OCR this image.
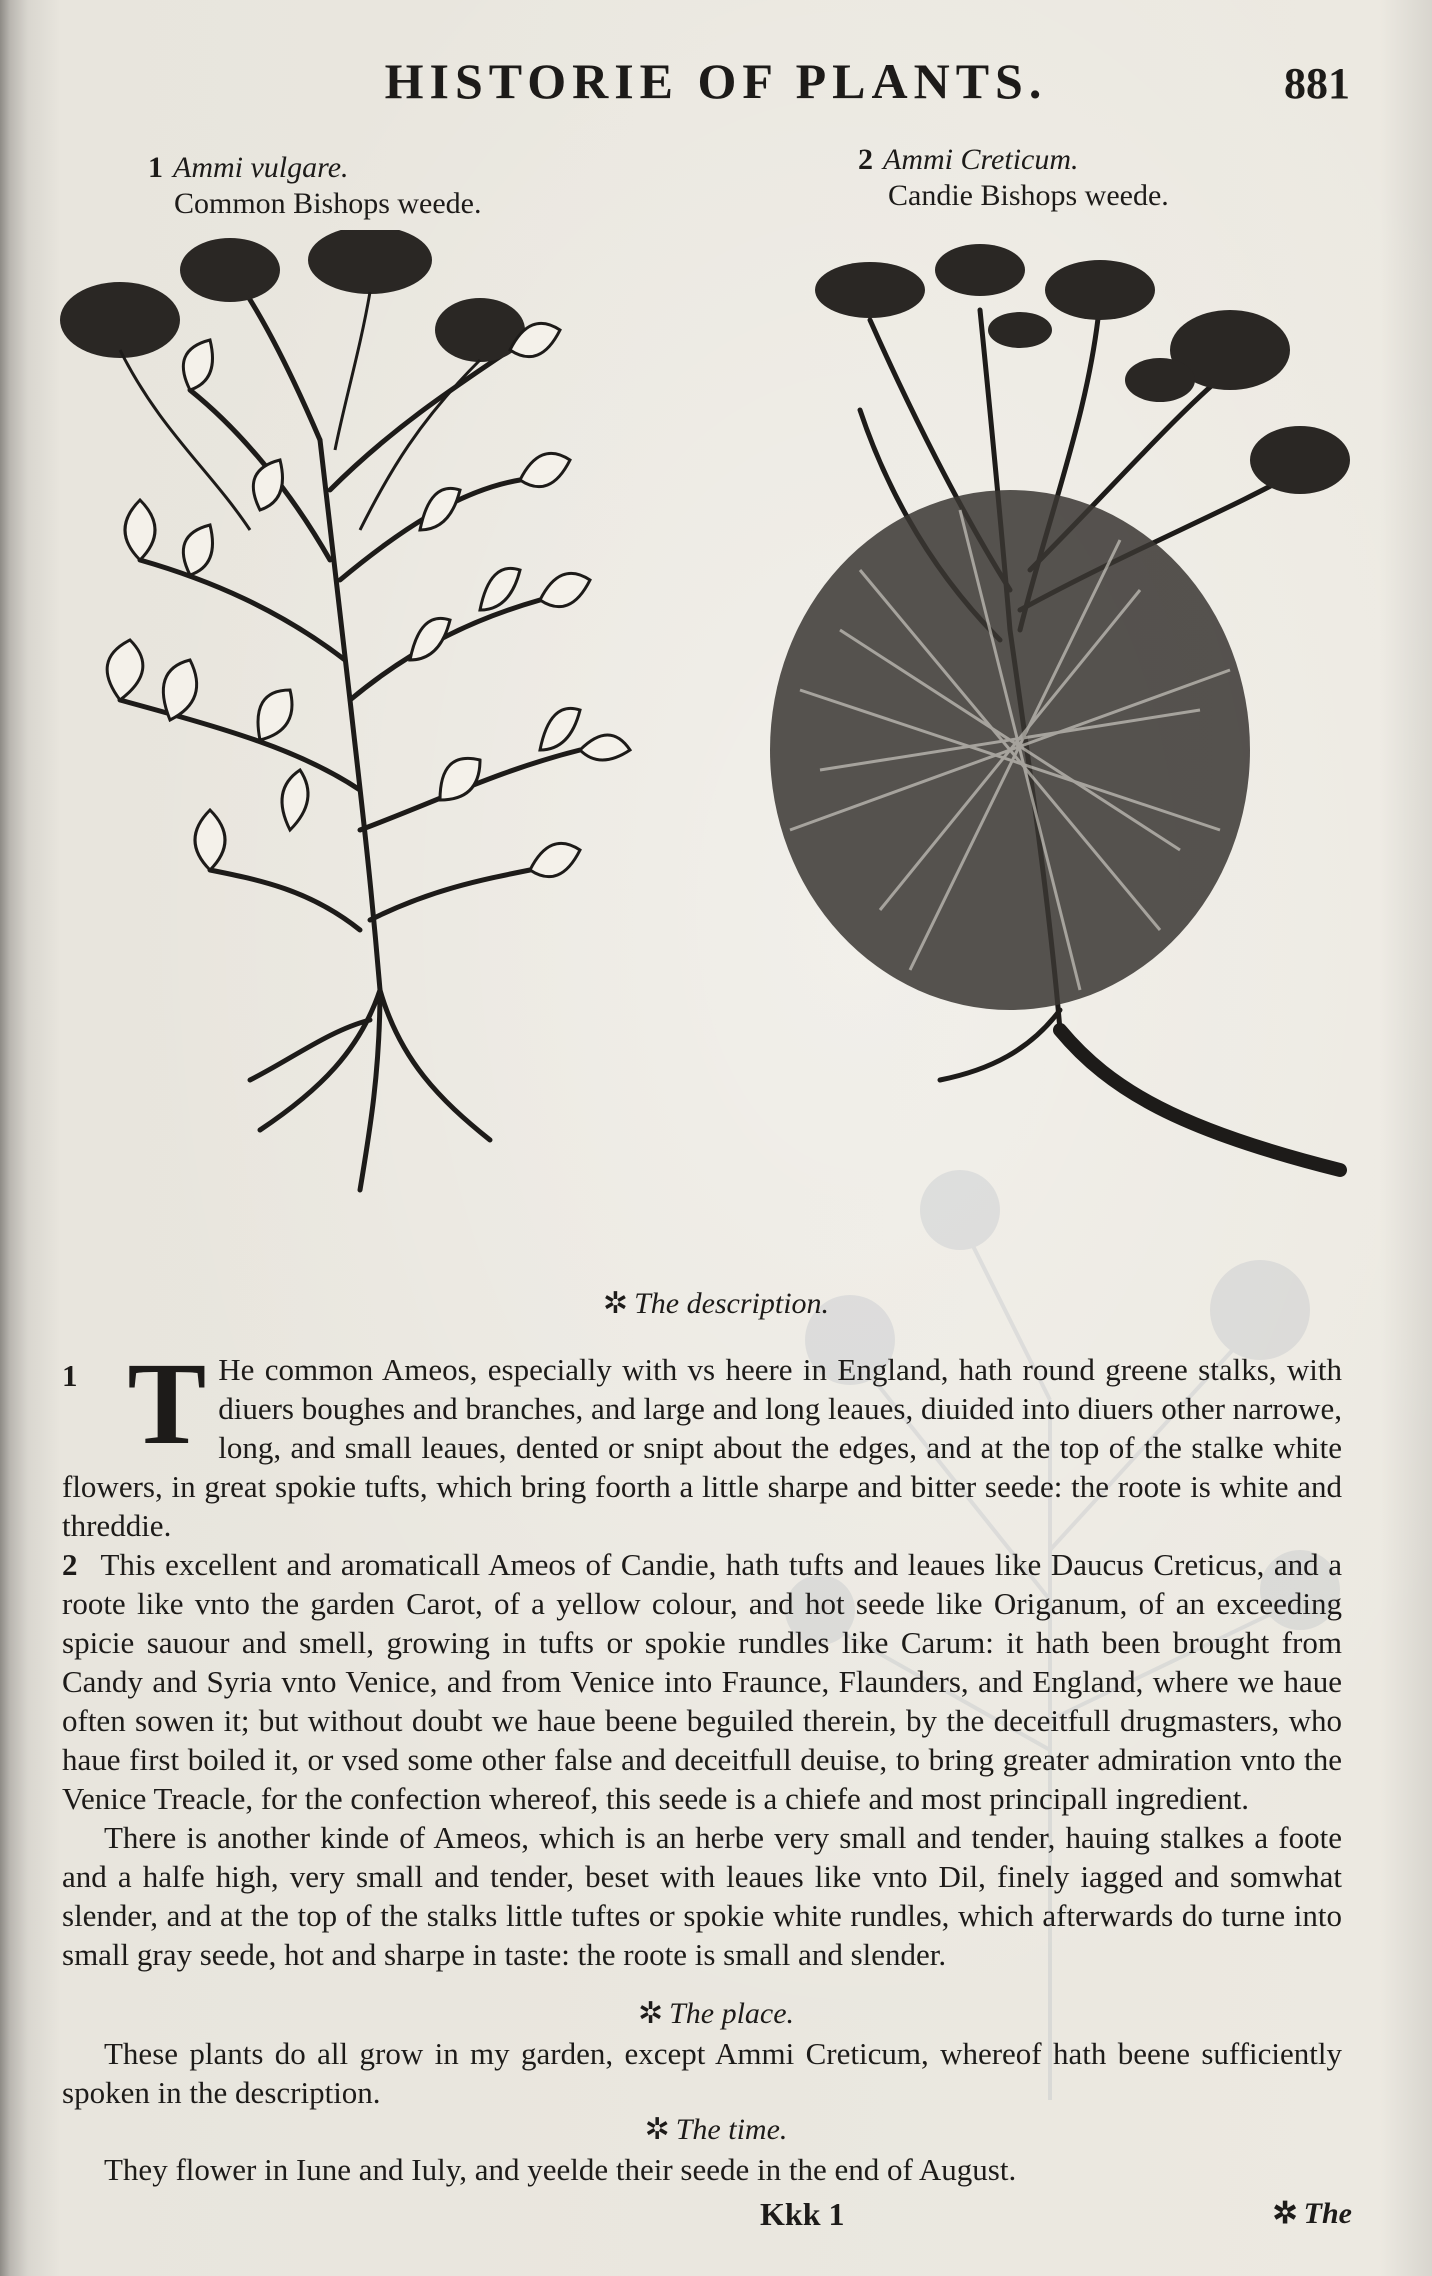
HISTORIE OF PLANTS.	881
1 Ammi vulgare.
Common Bishops weede.
2 Ammi Creticum.
Candie Bishops weede.
✲ The description.

1 T He common Ameos, especially with vs heere in England, hath round greene stalks, with diuers boughes and branches, and large and long leaues, diuided into diuers other narrowe, long, and small leaues, dented or snipt about the edges, and at the top of the stalke white flowers, in great spokie tufts, which bring foorth a little sharpe and bitter seede: the roote is white and threddie.

2 This excellent and aromaticall Ameos of Candie, hath tufts and leaues like Daucus Creticus, and a roote like vnto the garden Carot, of a yellow colour, and hot seede like Origanum, of an exceeding spicie sauour and smell, growing in tufts or spokie rundles like Carum: it hath been brought from Candy and Syria vnto Venice, and from Venice into Fraunce, Flaunders, and England, where we haue often sowen it; but without doubt we haue beene beguiled therein, by the deceitfull drugmasters, who haue first boiled it, or vsed some other false and deceitfull deuise, to bring greater admiration vnto the Venice Treacle, for the confection whereof, this seede is a chiefe and most principall ingredient.

There is another kinde of Ameos, which is an herbe very small and tender, hauing stalkes a foote and a halfe high, very small and tender, beset with leaues like vnto Dil, finely iagged and somwhat slender, and at the top of the stalks little tuftes or spokie white rundles, which afterwards do turne into small gray seede, hot and sharpe in taste: the roote is small and slender.

✲ The place.
These plants do all grow in my garden, except Ammi Creticum, whereof hath beene sufficiently spoken in the description.
✲ The time.
They flower in Iune and Iuly, and yeelde their seede in the end of August.
Kkk 1	✲ The
